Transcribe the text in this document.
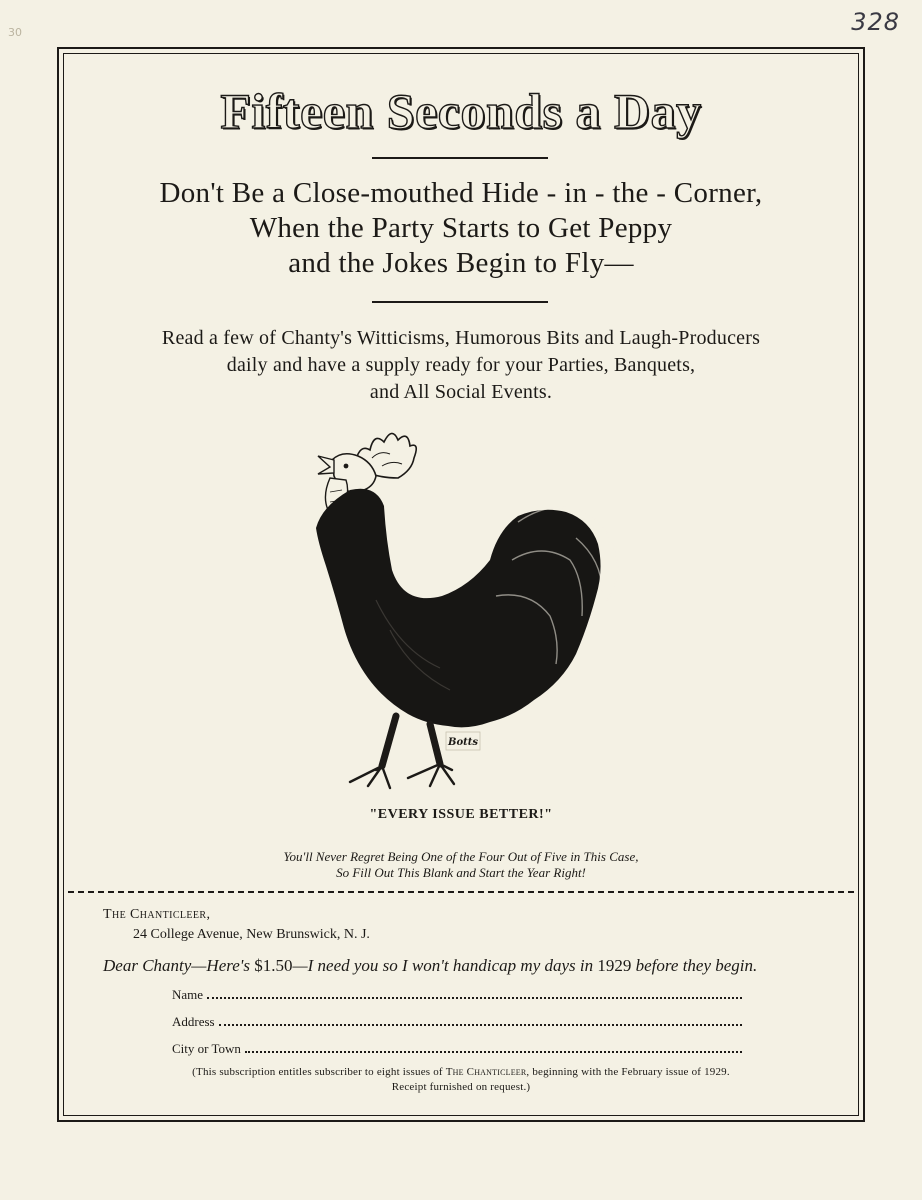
328
30
Fifteen Seconds a Day
Don't Be a Close-mouthed Hide - in - the - Corner,
When the Party Starts to Get Peppy
and the Jokes Begin to Fly—
Read a few of Chanty's Witticisms, Humorous Bits and Laugh-Producers
daily and have a supply ready for your Parties, Banquets,
and All Social Events.
Botts
"EVERY ISSUE BETTER!"
You'll Never Regret Being One of the Four Out of Five in This Case,
So Fill Out This Blank and Start the Year Right!
The Chanticleer,
24 College Avenue, New Brunswick, N. J.
Dear Chanty—Here's $1.50—I need you so I won't handicap my days in 1929 before they begin.
Name
Address
City or Town
(This subscription entitles subscriber to eight issues of The Chanticleer, beginning with the February issue of 1929.
Receipt furnished on request.)
